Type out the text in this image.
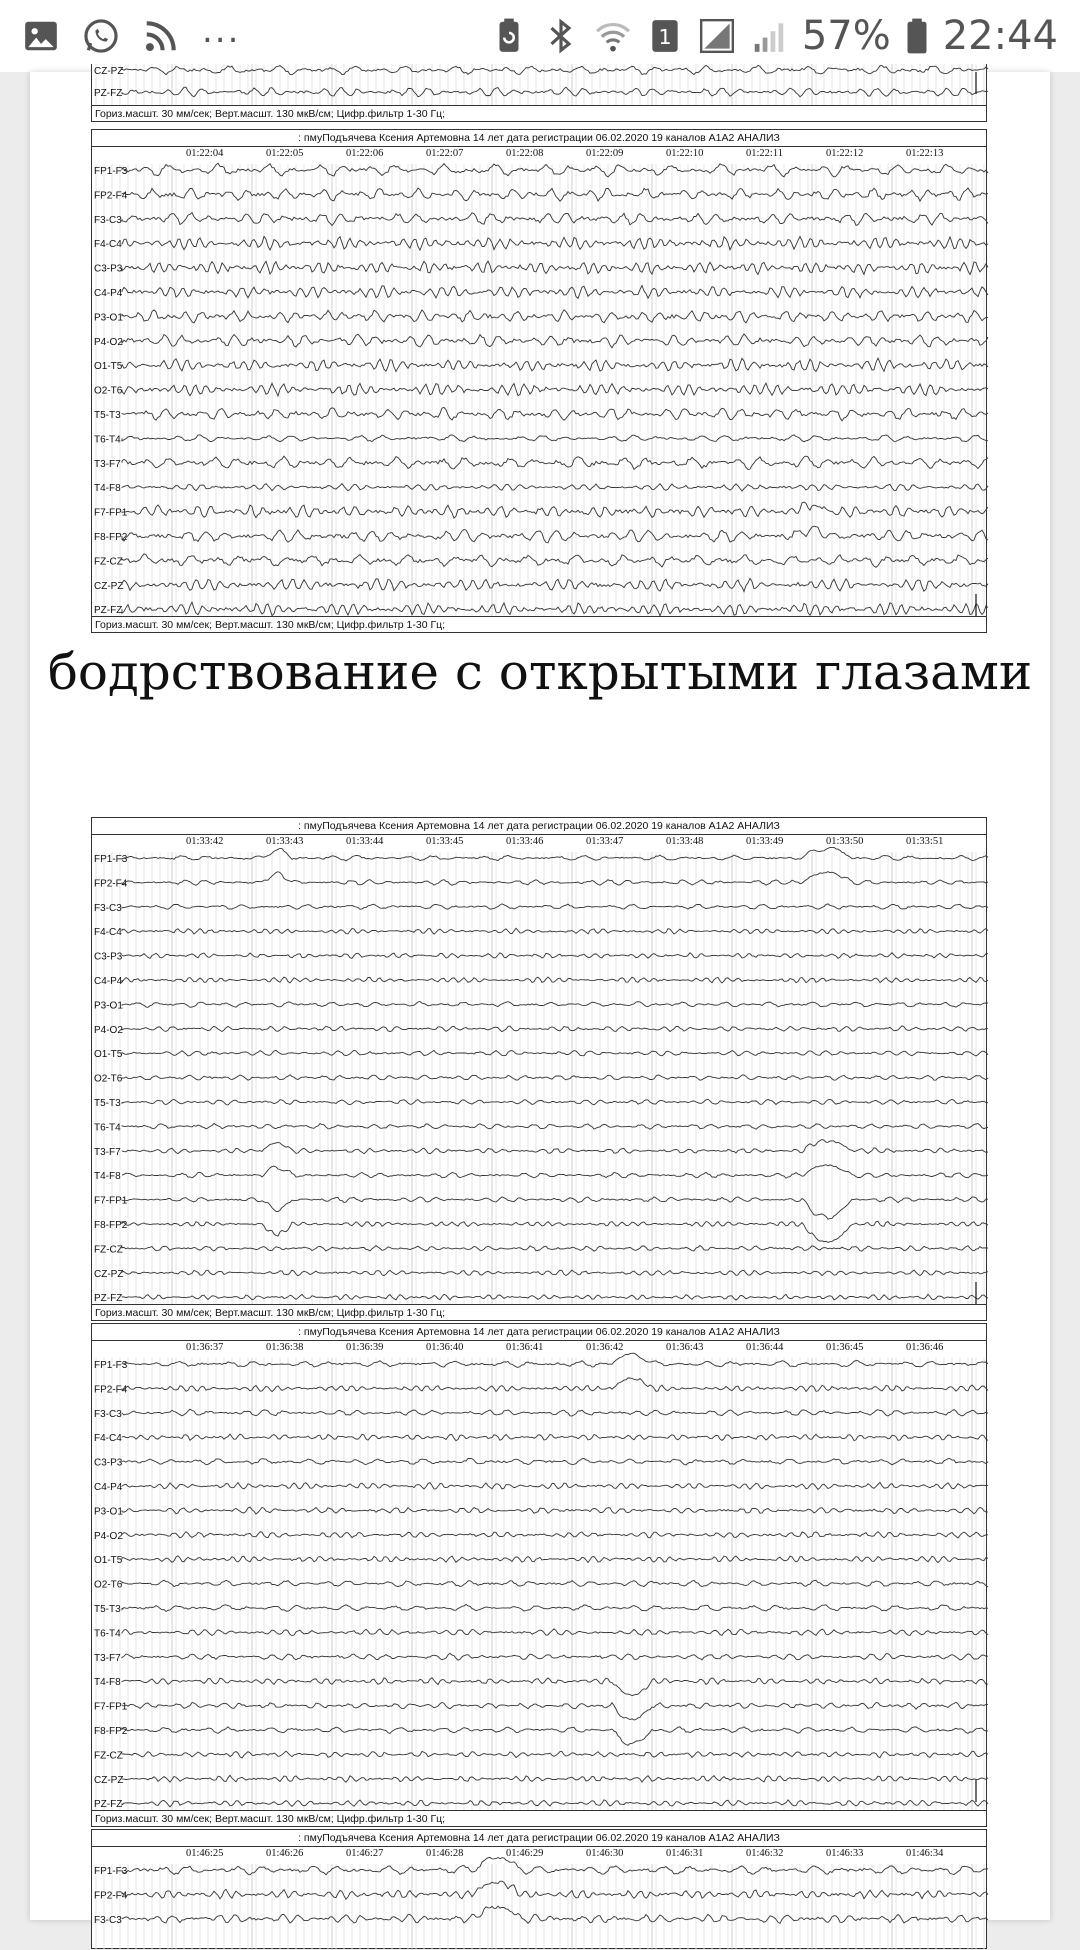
...	1	57% 22:44
CZ-PZ
PZ-FZ
Гориз.масшт. 30 мм/сек; Верт.масшт. 130 мкВ/см; Цифр.фильтр 1-30 Гц;
: пмуПодъячева Ксения Артемовна 14 лет дата регистрации 06.02.2020 19 каналов A1A2 АНАЛИЗ
01:22:04	01:22:05	01:22:06	01:22:07	01:22:08	01:22:09	01:22:10	01:22:11	01:22:12	01:22:13
FP1-F3
FP2-F4
F3-C3
F4-C4
C3-P3
C4-P4
P3-O1
P4-O2
O1-T5
O2-T6
T5-T3
T6-T4
T3-F7
T4-F8
F7-FP1
F8-FP2
FZ-CZ
CZ-PZ
PZ-FZ
Гориз.масшт. 30 мм/сек; Верт.масшт. 130 мкВ/см; Цифр.фильтр 1-30 Гц;
бодрствование с открытыми глазами
: пмуПодъячева Ксения Артемовна 14 лет дата регистрации 06.02.2020 19 каналов A1A2 АНАЛИЗ
01:33:42	01:33:43	01:33:44	01:33:45	01:33:46	01:33:47	01:33:48	01:33:49	01:33:50	01:33:51
FP1-F3
FP2-F4
F3-C3
F4-C4
C3-P3
C4-P4
P3-O1
P4-O2
O1-T5
O2-T6
T5-T3
T6-T4
T3-F7
T4-F8
F7-FP1
F8-FP2
FZ-CZ
CZ-PZ
PZ-FZ
Гориз.масшт. 30 мм/сек; Верт.масшт. 130 мкВ/см; Цифр.фильтр 1-30 Гц;
: пмуПодъячева Ксения Артемовна 14 лет дата регистрации 06.02.2020 19 каналов A1A2 АНАЛИЗ
01:36:37	01:36:38	01:36:39	01:36:40	01:36:41	01:36:42	01:36:43	01:36:44	01:36:45	01:36:46
FP1-F3
FP2-F4
F3-C3
F4-C4
C3-P3
C4-P4
P3-O1
P4-O2
O1-T5
O2-T6
T5-T3
T6-T4
T3-F7
T4-F8
F7-FP1
F8-FP2
FZ-CZ
CZ-PZ
PZ-FZ
Гориз.масшт. 30 мм/сек; Верт.масшт. 130 мкВ/см; Цифр.фильтр 1-30 Гц;
: пмуПодъячева Ксения Артемовна 14 лет дата регистрации 06.02.2020 19 каналов A1A2 АНАЛИЗ
01:46:25	01:46:26	01:46:27	01:46:28	01:46:29	01:46:30	01:46:31	01:46:32	01:46:33	01:46:34
FP1-F3
FP2-F4
F3-C3
